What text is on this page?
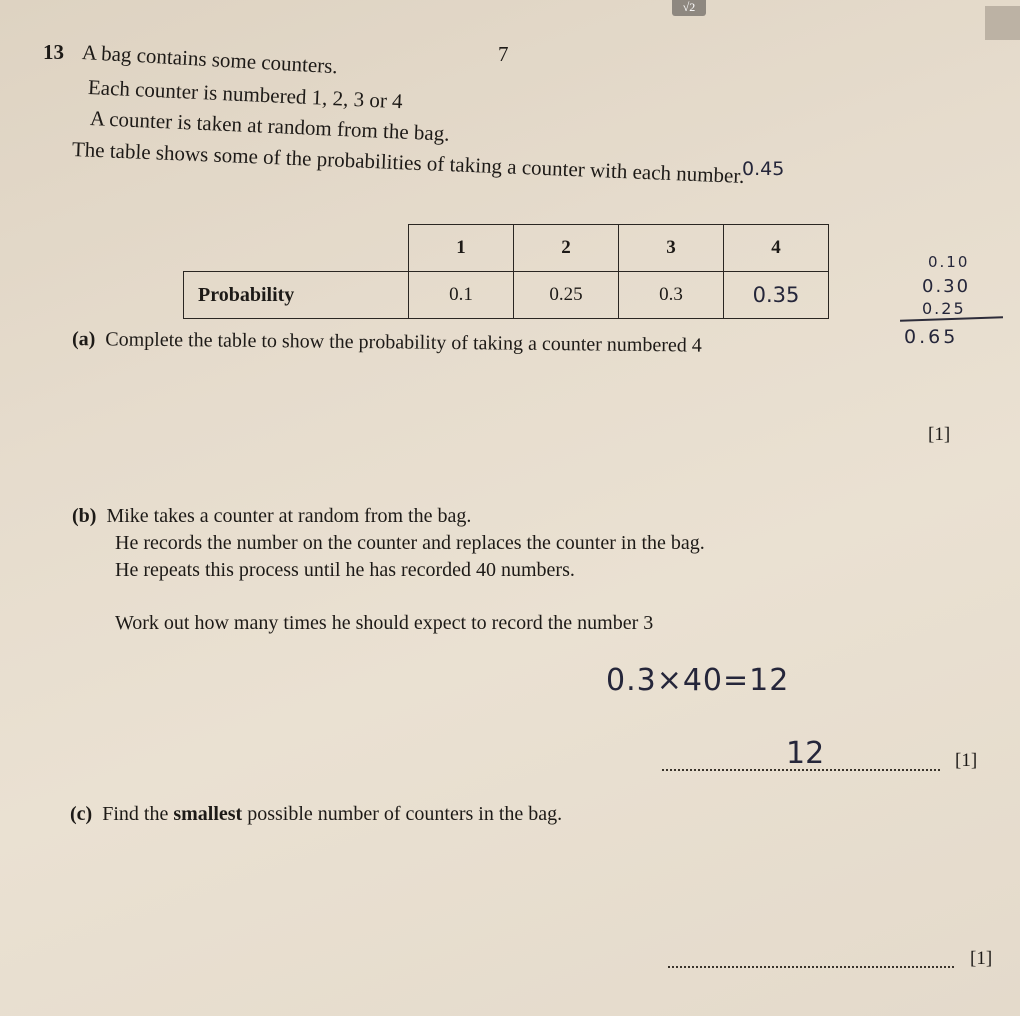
√2
7
13 A bag contains some counters.
Each counter is numbered 1, 2, 3 or 4
A counter is taken at random from the bag.
The table shows some of the probabilities of taking a counter with each number.
0.45
	1	2	3	4
Probability	0.1	0.25	0.3	0.35
0.10
0.30
0.25
0.65
(a) Complete the table to show the probability of taking a counter numbered 4
[1]
(b) Mike takes a counter at random from the bag.
He records the number on the counter and replaces the counter in the bag.
He repeats this process until he has recorded 40 numbers.
Work out how many times he should expect to record the number 3
0.3×40=12
12	[1]
(c) Find the smallest possible number of counters in the bag.
[1]
